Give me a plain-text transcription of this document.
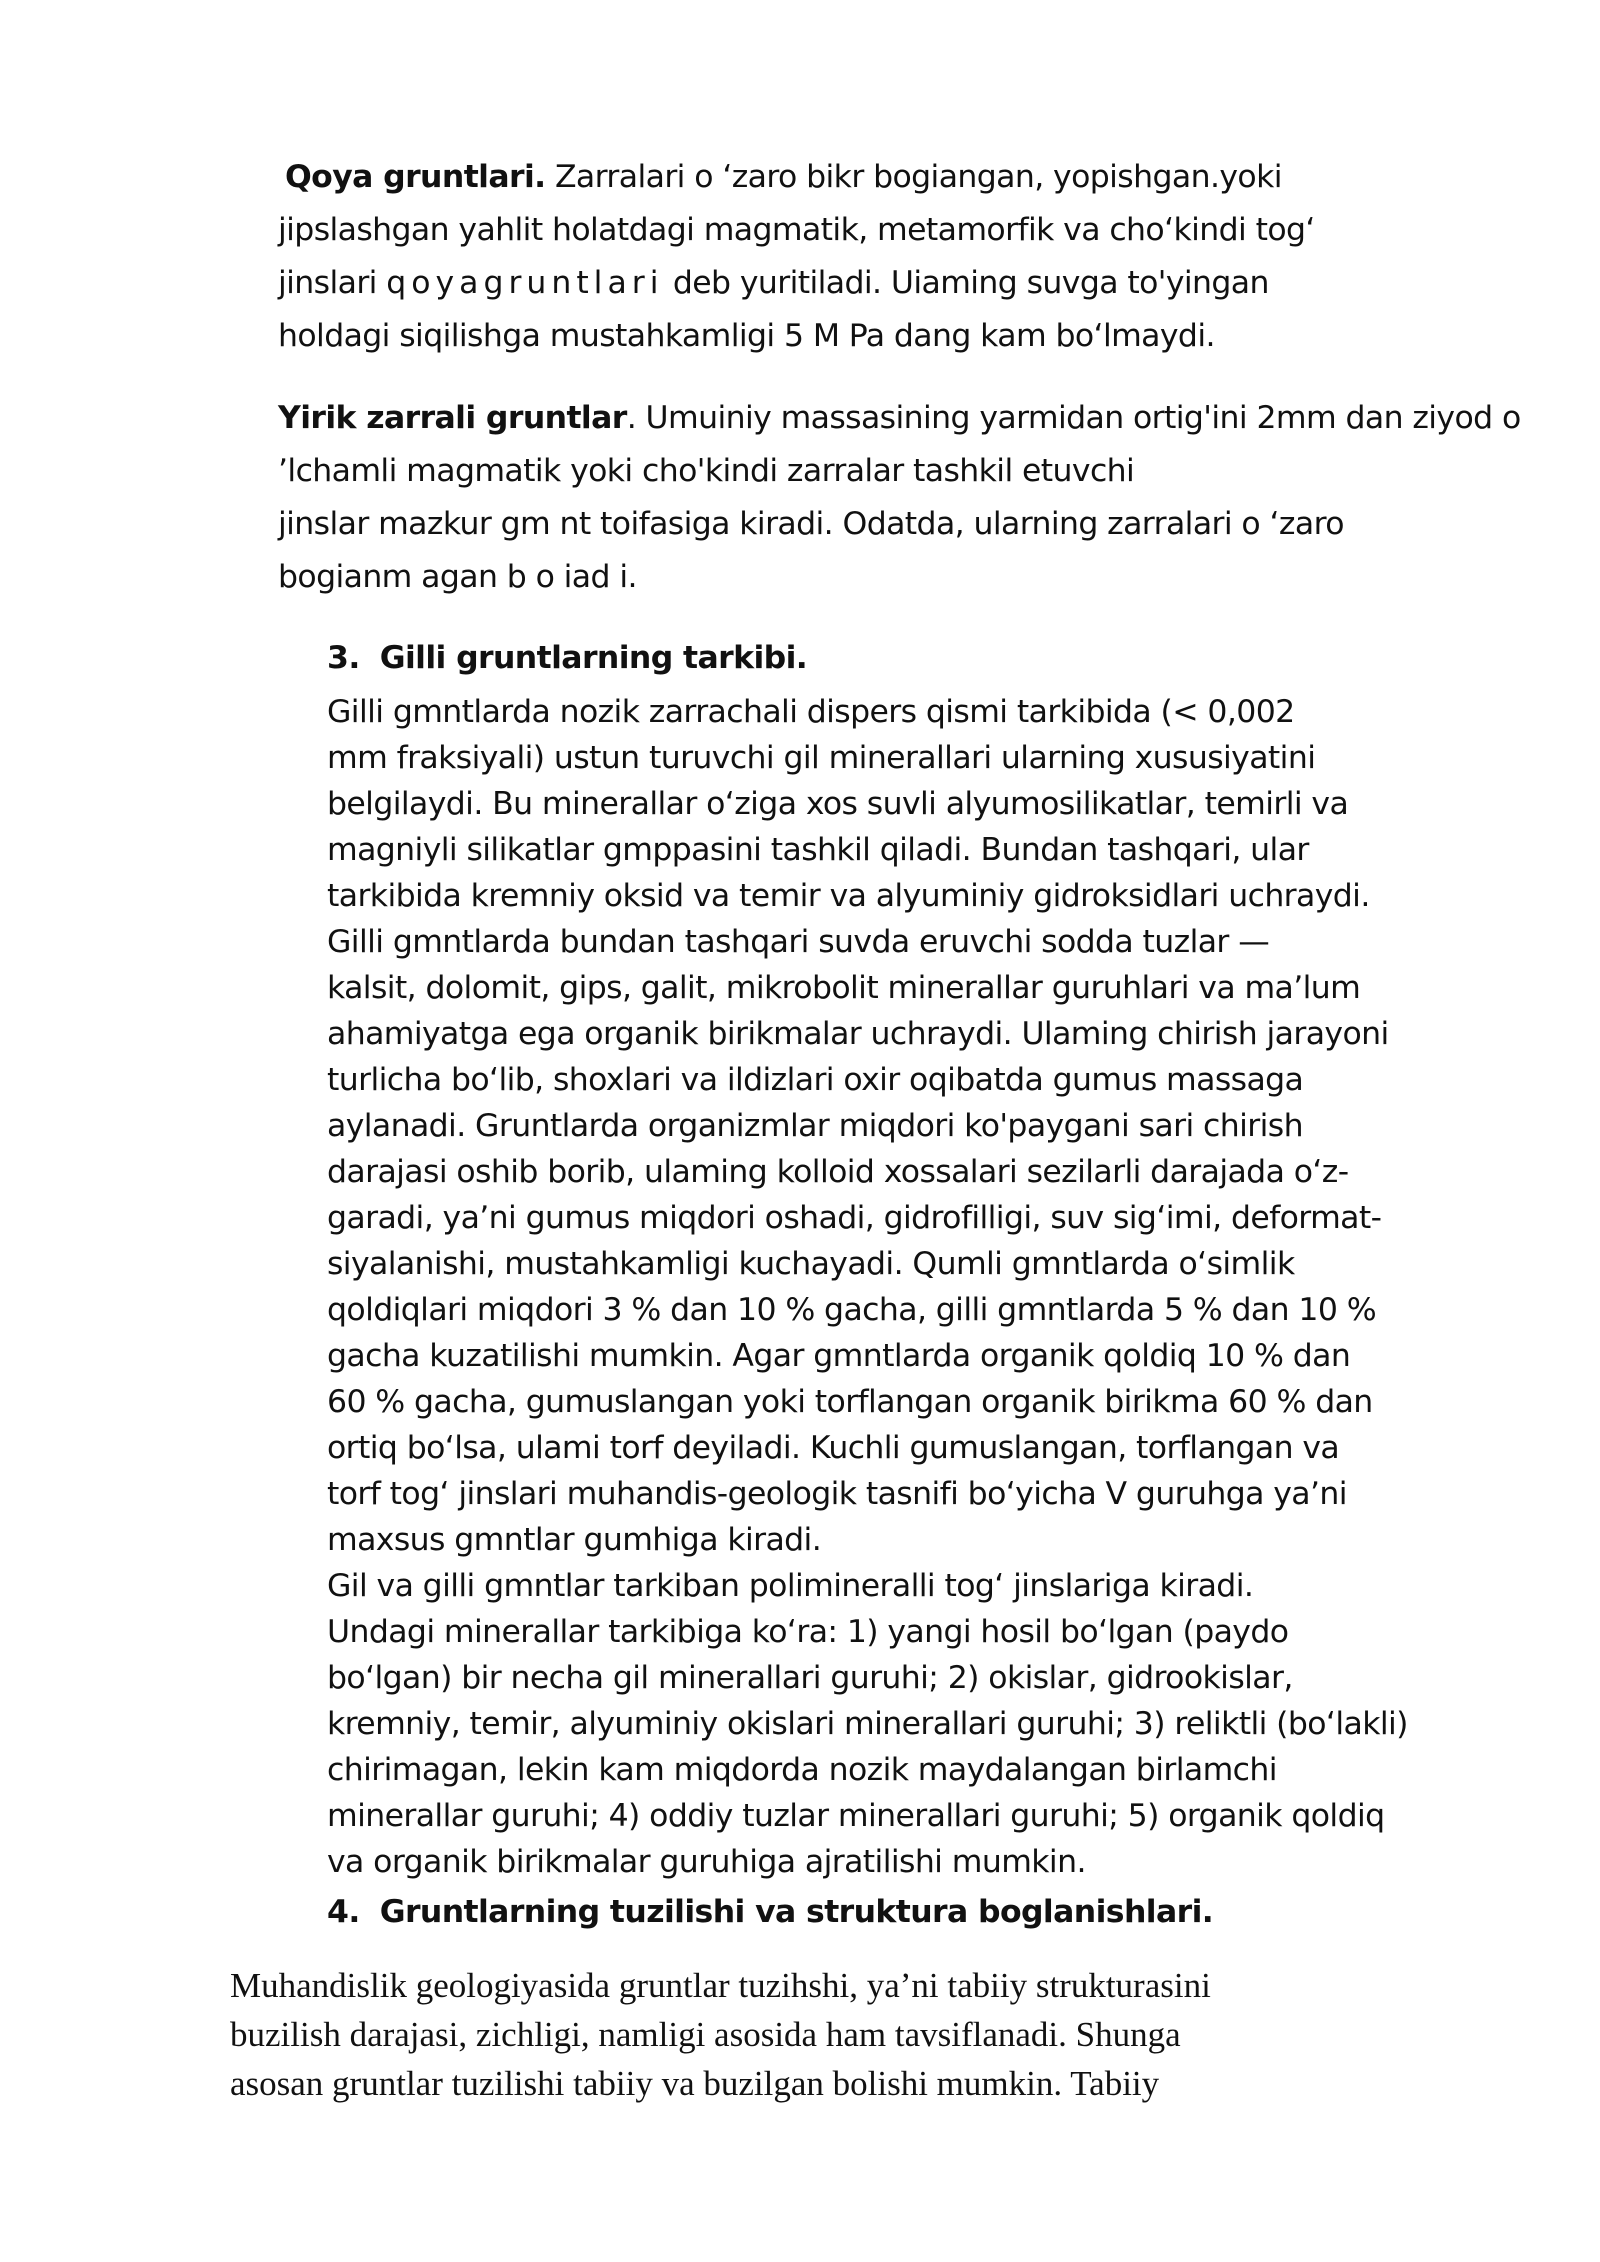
Qoya gruntlari. Zarralari o ʻzaro bikr bogiangan, yopishgan.yoki

jipslashgan yahlit holatdagi magmatik, metamorfik va choʻkindi togʻ

jinslari qoyagruntlari deb yuritiladi. Uiaming suvga to'yingan

holdagi siqilishga mustahkamligi 5 M Pa dang kam boʻlmaydi.

Yirik zarrali gruntlar. Umuiniy massasining yarmidan ortig'ini 2mm dan ziyod o

ʼlchamli magmatik yoki cho'kindi zarralar tashkil etuvchi

jinslar mazkur gm nt toifasiga kiradi. Odatda, ularning zarralari o ʻzaro

bogianm agan b o iad i.

3. Gilli gruntlarning tarkibi.

Gilli gmntlarda nozik zarrachali dispers qismi tarkibida (< 0,002

mm fraksiyali) ustun turuvchi gil minerallari ularning xususiyatini

belgilaydi. Bu minerallar oʻziga xos suvli alyumosilikatlar, temirli va

magniyli silikatlar gmppasini tashkil qiladi. Bundan tashqari, ular

tarkibida kremniy oksid va temir va alyuminiy gidroksidlari uchraydi.

Gilli gmntlarda bundan tashqari suvda eruvchi sodda tuzlar —

kalsit, dolomit, gips, galit, mikrobolit minerallar guruhlari va maʼlum

ahamiyatga ega organik birikmalar uchraydi. Ulaming chirish jarayoni

turlicha boʻlib, shoxlari va ildizlari oxir oqibatda gumus massaga

aylanadi. Gruntlarda organizmlar miqdori ko'paygani sari chirish

darajasi oshib borib, ulaming kolloid xossalari sezilarli darajada oʻz-

garadi, yaʼni gumus miqdori oshadi, gidrofilligi, suv sigʻimi, deformat-

siyalanishi, mustahkamligi kuchayadi. Qumli gmntlarda oʻsimlik

qoldiqlari miqdori 3 % dan 10 % gacha, gilli gmntlarda 5 % dan 10 %

gacha kuzatilishi mumkin. Agar gmntlarda organik qoldiq 10 % dan

60 % gacha, gumuslangan yoki torflangan organik birikma 60 % dan

ortiq boʻlsa, ulami torf deyiladi. Kuchli gumuslangan, torflangan va

torf togʻ jinslari muhandis-geologik tasnifi boʻyicha V guruhga yaʼni

maxsus gmntlar gumhiga kiradi.

Gil va gilli gmntlar tarkiban polimineralli togʻ jinslariga kiradi.

Undagi minerallar tarkibiga koʻra: 1) yangi hosil boʻlgan (paydo

boʻlgan) bir necha gil minerallari guruhi; 2) okislar, gidrookislar,

kremniy, temir, alyuminiy okislari minerallari guruhi; 3) reliktli (boʻlakli)

chirimagan, lekin kam miqdorda nozik maydalangan birlamchi

minerallar guruhi; 4) oddiy tuzlar minerallari guruhi; 5) organik qoldiq

va organik birikmalar guruhiga ajratilishi mumkin.

4. Gruntlarning tuzilishi va struktura boglanishlari.

Muhandislik geologiyasida gruntlar tuzihshi, yaʼni tabiiy strukturasini

buzilish darajasi, zichligi, namligi asosida ham tavsiflanadi. Shunga

asosan gruntlar tuzilishi tabiiy va buzilgan bolishi mumkin. Tabiiy
